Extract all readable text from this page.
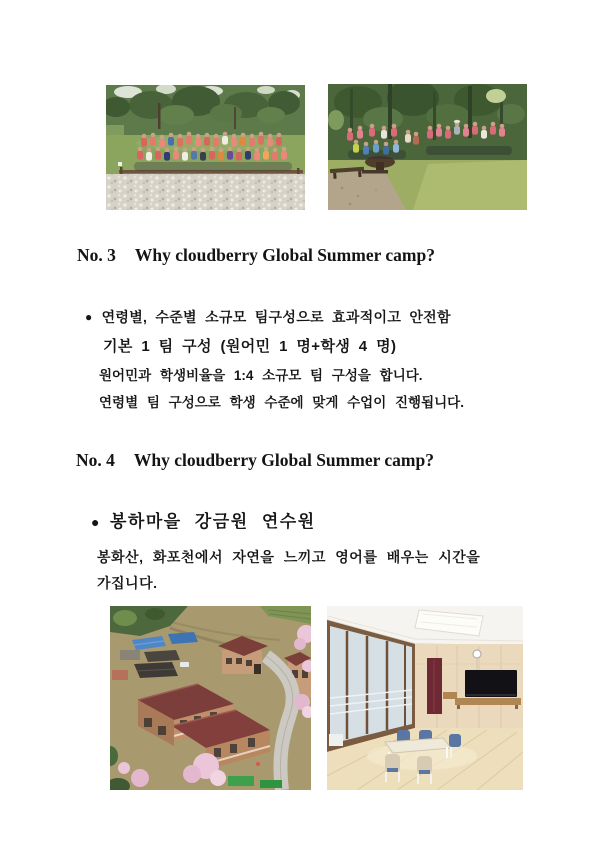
No. 3 Why cloudberry Global Summer camp?
● 연령별, 수준별 소규모 팀구성으로 효과적이고 안전함
기본 1 팀 구성 (원어민 1 명+학생 4 명)
원어민과 학생비율을 1:4 소규모 팀 구성을 합니다.
연령별 팀 구성으로 학생 수준에 맞게 수업이 진행됩니다.
No. 4 Why cloudberry Global Summer camp?
● 봉하마을 강금원 연수원
봉화산, 화포천에서 자연을 느끼고 영어를 배우는 시간을
가집니다.
